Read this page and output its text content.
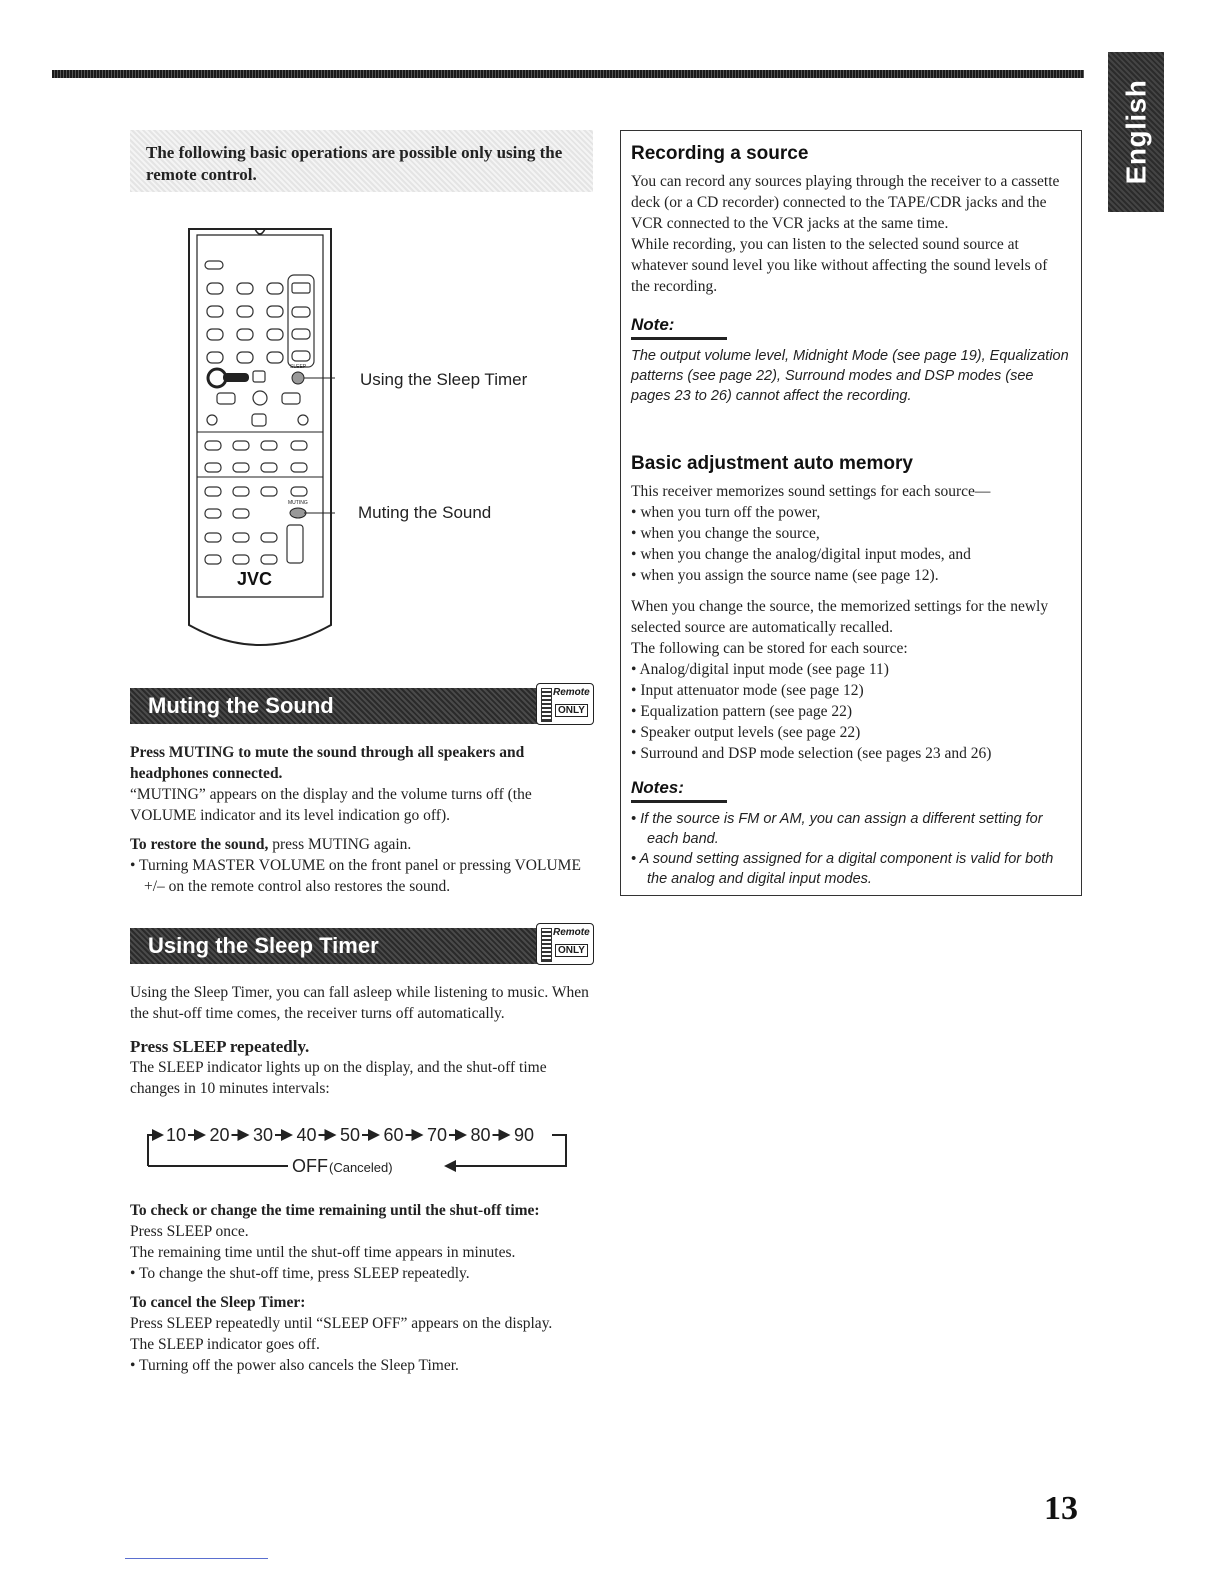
English

The following basic operations are possible only using the remote control.

SLEEP
MUTING
JVC
Using the Sleep Timer
Muting the Sound
Muting the Sound
Remote
ONLY

Press MUTING to mute the sound through all speakers and headphones connected.

“MUTING” appears on the display and the volume turns off (the VOLUME indicator and its level indication go off).

To restore the sound, press MUTING again.

• Turning MASTER VOLUME on the front panel or pressing VOLUME +/– on the remote control also restores the sound.
Using the Sleep Timer
Remote
ONLY

Using the Sleep Timer, you can fall asleep while listening to music. When the shut-off time comes, the receiver turns off automatically.

Press SLEEP repeatedly.

The SLEEP indicator lights up on the display, and the shut-off time changes in 10 minutes intervals:

10 20 30 40 50 60 70 80 90
OFF (Canceled)

To check or change the time remaining until the shut-off time:

Press SLEEP once.

The remaining time until the shut-off time appears in minutes.

• To change the shut-off time, press SLEEP repeatedly.

To cancel the Sleep Timer:

Press SLEEP repeatedly until “SLEEP OFF” appears on the display.

The SLEEP indicator goes off.

• Turning off the power also cancels the Sleep Timer.
Recording a source

You can record any sources playing through the receiver to a cassette deck (or a CD recorder) connected to the TAPE/CDR jacks and the VCR connected to the VCR jacks at the same time.

While recording, you can listen to the selected sound source at whatever sound level you like without affecting the sound levels of the recording.

Note:

The output volume level, Midnight Mode (see page 19), Equalization patterns (see page 22), Surround modes and DSP modes (see pages 23 to 26) cannot affect the recording.

Basic adjustment auto memory

This receiver memorizes sound settings for each source—

• when you turn off the power,
• when you change the source,
• when you change the analog/digital input modes, and
• when you assign the source name (see page 12).

When you change the source, the memorized settings for the newly selected source are automatically recalled.

The following can be stored for each source:

• Analog/digital input mode (see page 11)
• Input attenuator mode (see page 12)
• Equalization pattern (see page 22)
• Speaker output levels (see page 22)
• Surround and DSP mode selection (see pages 23 and 26)
Notes:
• If the source is FM or AM, you can assign a different setting for each band.
• A sound setting assigned for a digital component is valid for both the analog and digital input modes.
13
